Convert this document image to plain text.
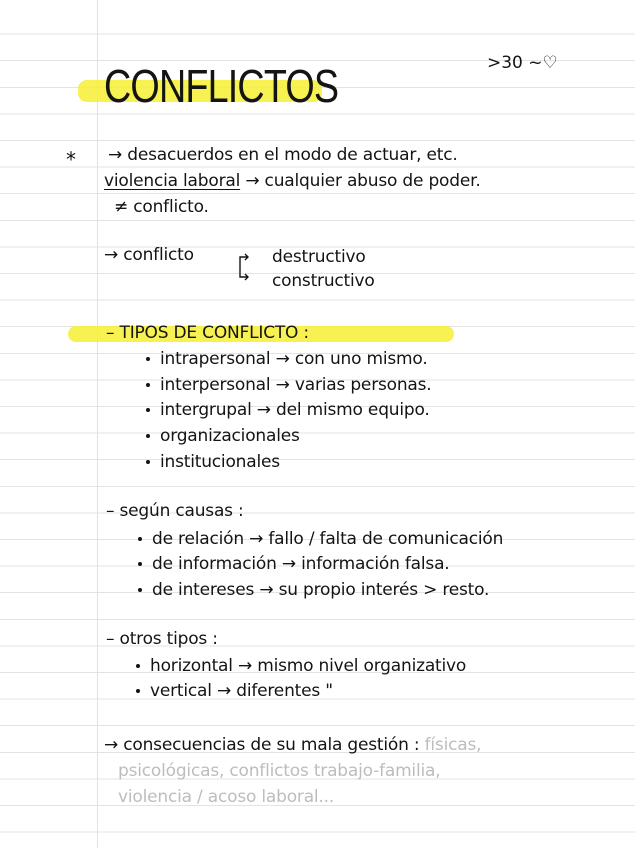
CONFLICTOS	>30 ~♡
⁎ → desacuerdos en el modo de actuar, etc.
violencia laboral → cualquier abuso de poder.
≠ conflicto.
→ conflicto	destructivo
constructivo
– TIPOS DE CONFLICTO :
intrapersonal → con uno mismo.
interpersonal → varias personas.
intergrupal → del mismo equipo.
organizacionales
institucionales
– según causas :
de relación → fallo / falta de comunicación
de información → información falsa.
de intereses → su propio interés > resto.
– otros tipos :
horizontal → mismo nivel organizativo
vertical → diferentes "
→ consecuencias de su mala gestión : físicas,
psicológicas, conflictos trabajo-familia,
violencia / acoso laboral...
